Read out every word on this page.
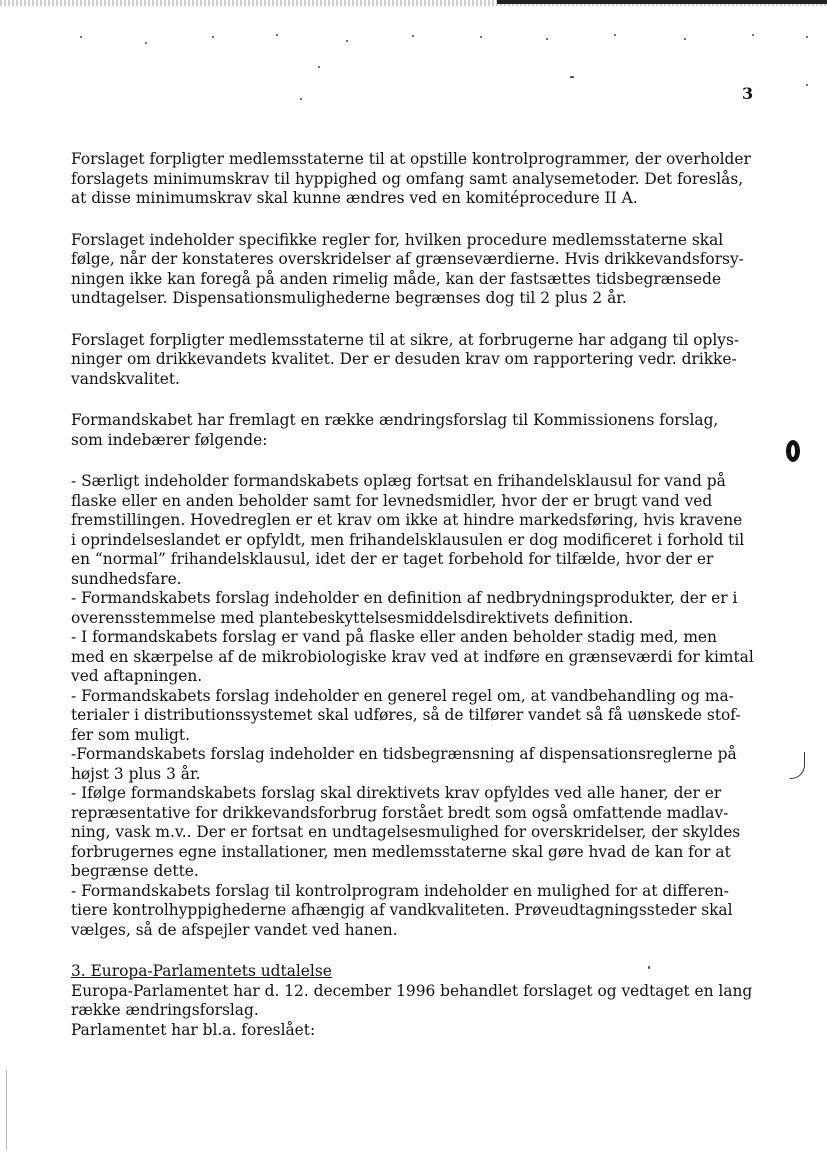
3
Forslaget forpligter medlemsstaterne til at opstille kontrolprogrammer, der overholder
forslagets minimumskrav til hyppighed og omfang samt analysemetoder. Det foreslås,
at disse minimumskrav skal kunne ændres ved en komitéprocedure II A.
Forslaget indeholder specifikke regler for, hvilken procedure medlemsstaterne skal
følge, når der konstateres overskridelser af grænseværdierne. Hvis drikkevandsforsy-
ningen ikke kan foregå på anden rimelig måde, kan der fastsættes tidsbegrænsede
undtagelser. Dispensationsmulighederne begrænses dog til 2 plus 2 år.
Forslaget forpligter medlemsstaterne til at sikre, at forbrugerne har adgang til oplys-
ninger om drikkevandets kvalitet. Der er desuden krav om rapportering vedr. drikke-
vandskvalitet.
Formandskabet har fremlagt en række ændringsforslag til Kommissionens forslag,
som indebærer følgende:
- Særligt indeholder formandskabets oplæg fortsat en frihandelsklausul for vand på
flaske eller en anden beholder samt for levnedsmidler, hvor der er brugt vand ved
fremstillingen. Hovedreglen er et krav om ikke at hindre markedsføring, hvis kravene
i oprindelseslandet er opfyldt, men frihandelsklausulen er dog modificeret i forhold til
en “normal” frihandelsklausul, idet der er taget forbehold for tilfælde, hvor der er
sundhedsfare.
- Formandskabets forslag indeholder en definition af nedbrydningsprodukter, der er i
overensstemmelse med plantebeskyttelsesmiddelsdirektivets definition.
- I formandskabets forslag er vand på flaske eller anden beholder stadig med, men
med en skærpelse af de mikrobiologiske krav ved at indføre en grænseværdi for kimtal
ved aftapningen.
- Formandskabets forslag indeholder en generel regel om, at vandbehandling og ma-
terialer i distributionssystemet skal udføres, så de tilfører vandet så få uønskede stof-
fer som muligt.
-Formandskabets forslag indeholder en tidsbegrænsning af dispensationsreglerne på
højst 3 plus 3 år.
- Ifølge formandskabets forslag skal direktivets krav opfyldes ved alle haner, der er
repræsentative for drikkevandsforbrug forstået bredt som også omfattende madlav-
ning, vask m.v.. Der er fortsat en undtagelsesmulighed for overskridelser, der skyldes
forbrugernes egne installationer, men medlemsstaterne skal gøre hvad de kan for at
begrænse dette.
- Formandskabets forslag til kontrolprogram indeholder en mulighed for at differen-
tiere kontrolhyppighederne afhængig af vandkvaliteten. Prøveudtagningssteder skal
vælges, så de afspejler vandet ved hanen.
3. Europa-Parlamentets udtalelse
Europa-Parlamentet har d. 12. december 1996 behandlet forslaget og vedtaget en lang
række ændringsforslag.
Parlamentet har bl.a. foreslået:
